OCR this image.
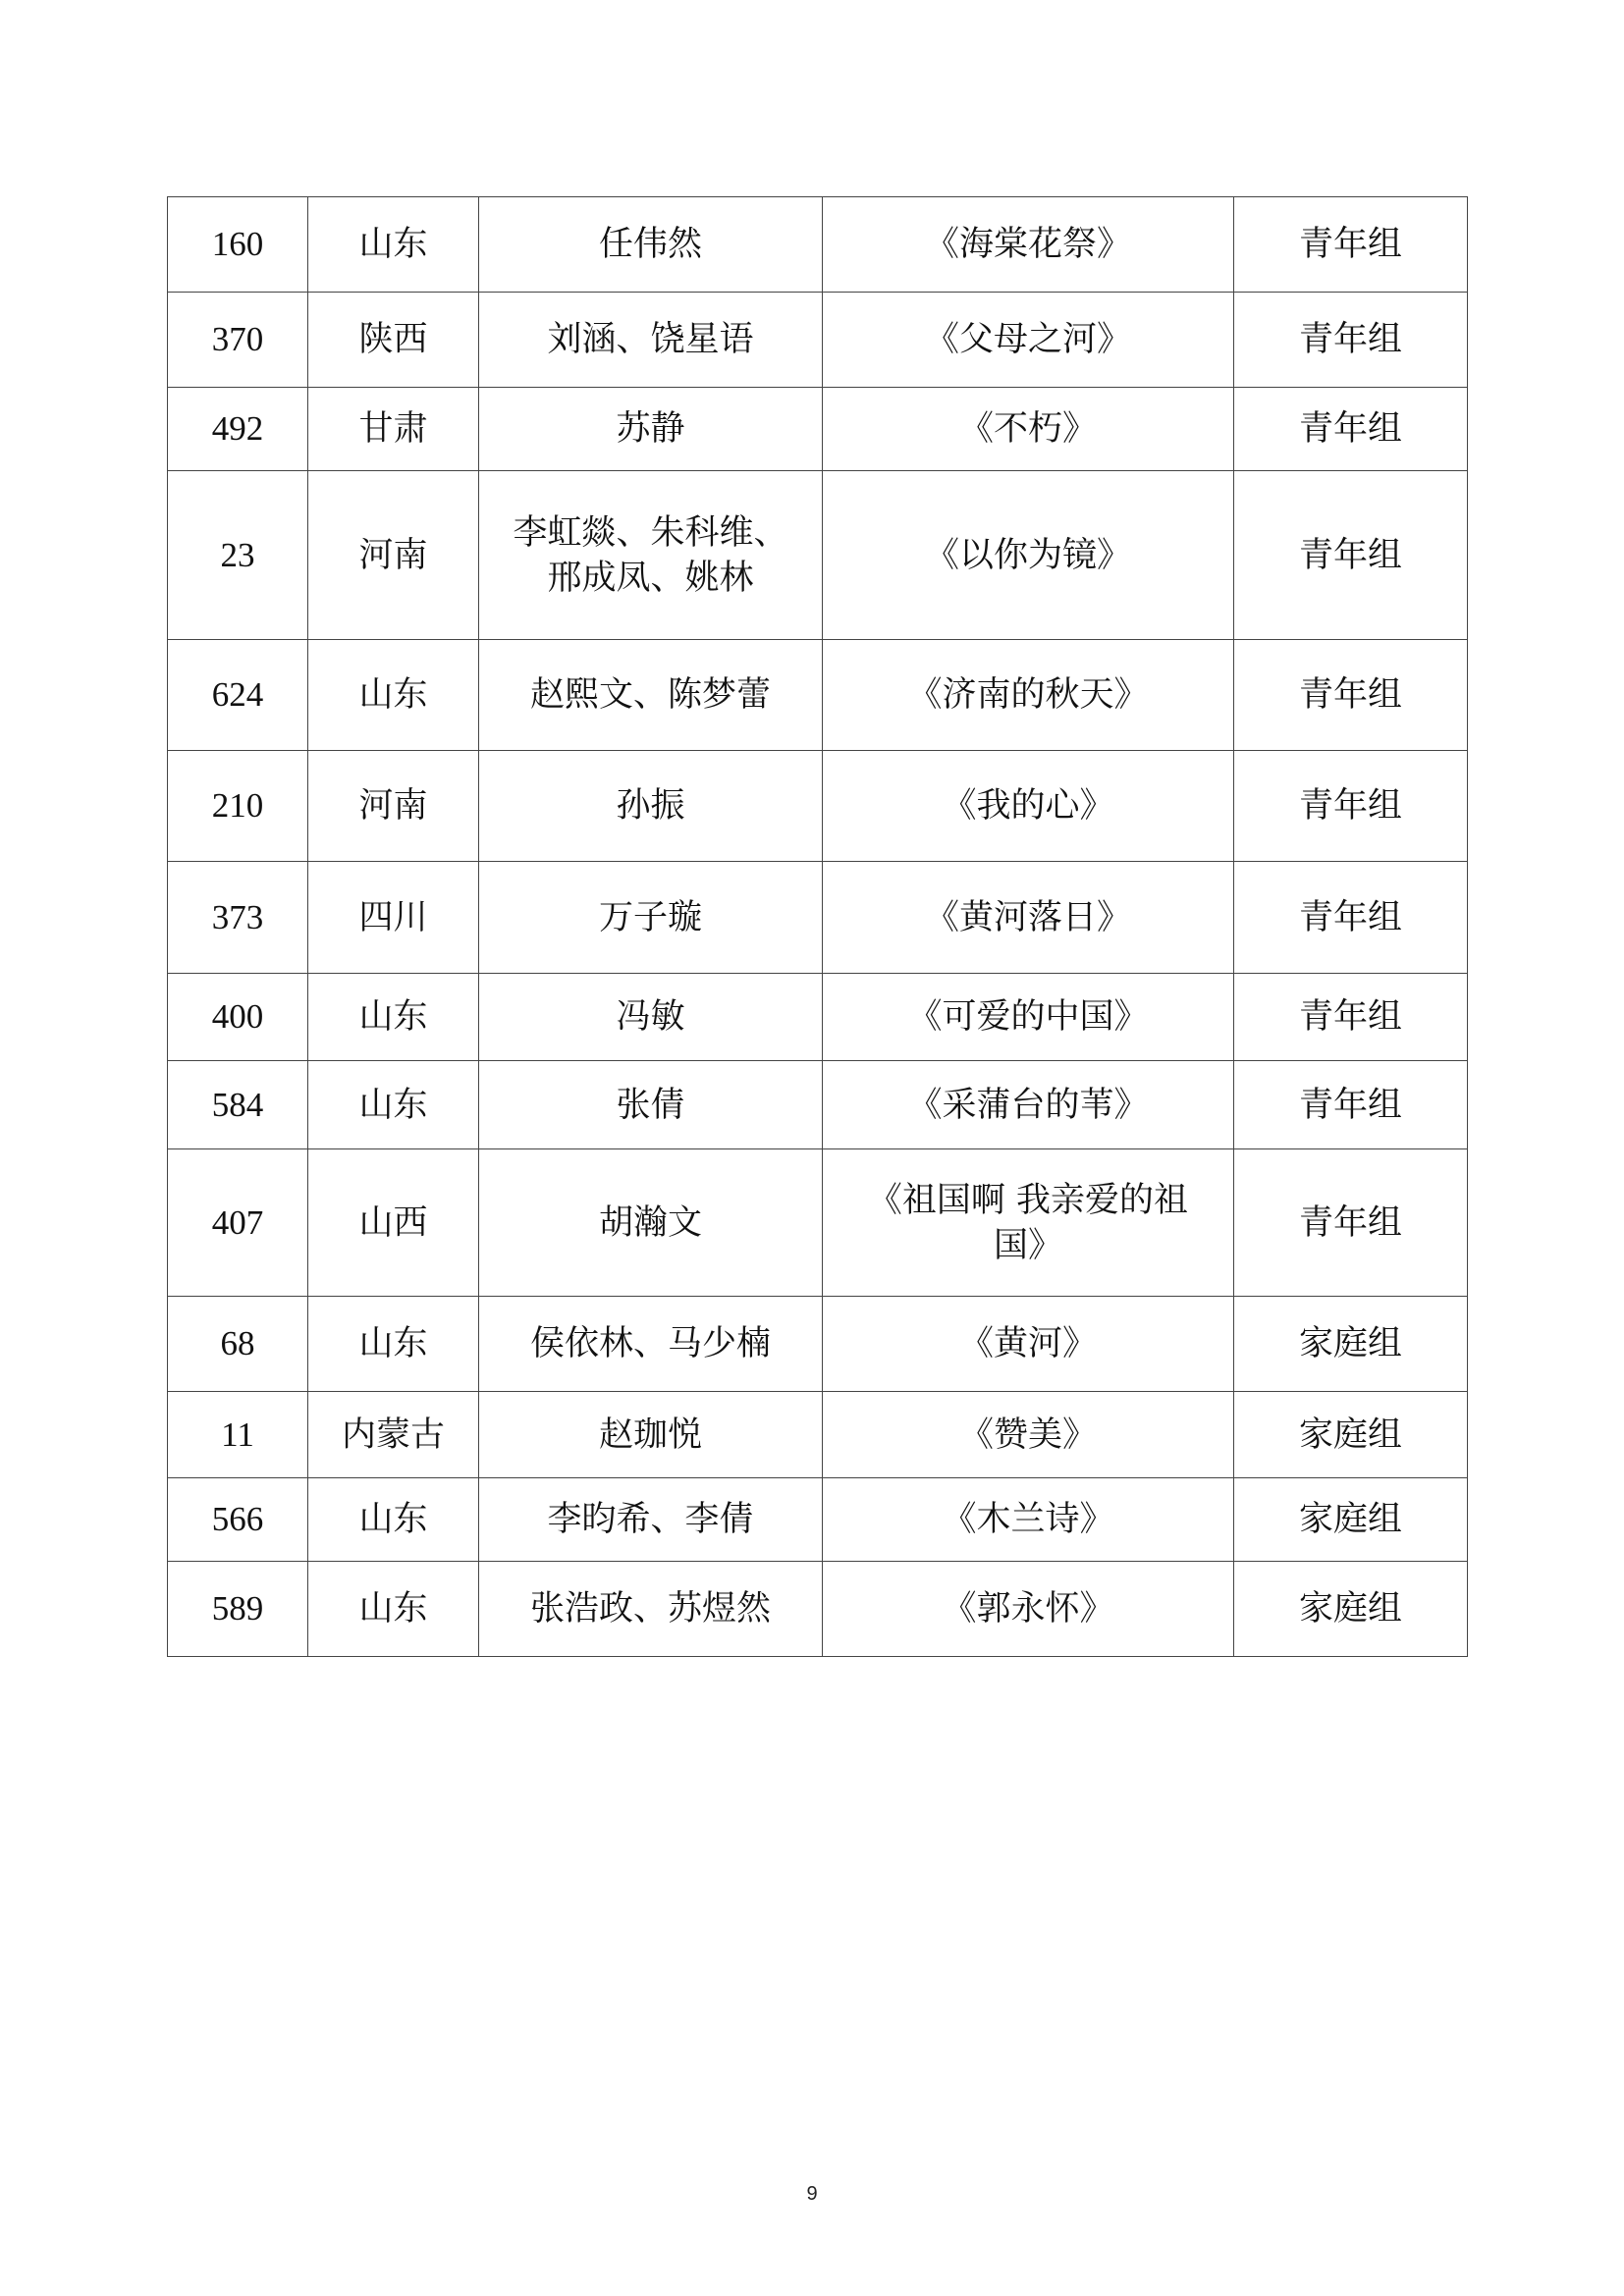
160	山东	任伟然	《海棠花祭》	青年组
370	陕西	刘涵、饶星语	《父母之河》	青年组
492	甘肃	苏静	《不朽》	青年组
23	河南	李虹燚、朱科维、邢成凤、姚林	《以你为镜》	青年组
624	山东	赵熙文、陈梦蕾	《济南的秋天》	青年组
210	河南	孙振	《我的心》	青年组
373	四川	万子璇	《黄河落日》	青年组
400	山东	冯敏	《可爱的中国》	青年组
584	山东	张倩	《采蒲台的苇》	青年组
407	山西	胡瀚文	《祖国啊 我亲爱的祖国》	青年组
68	山东	侯依林、马少楠	《黄河》	家庭组
11	内蒙古	赵珈悦	《赞美》	家庭组
566	山东	李昀希、李倩	《木兰诗》	家庭组
589	山东	张浩政、苏煜然	《郭永怀》	家庭组
9
